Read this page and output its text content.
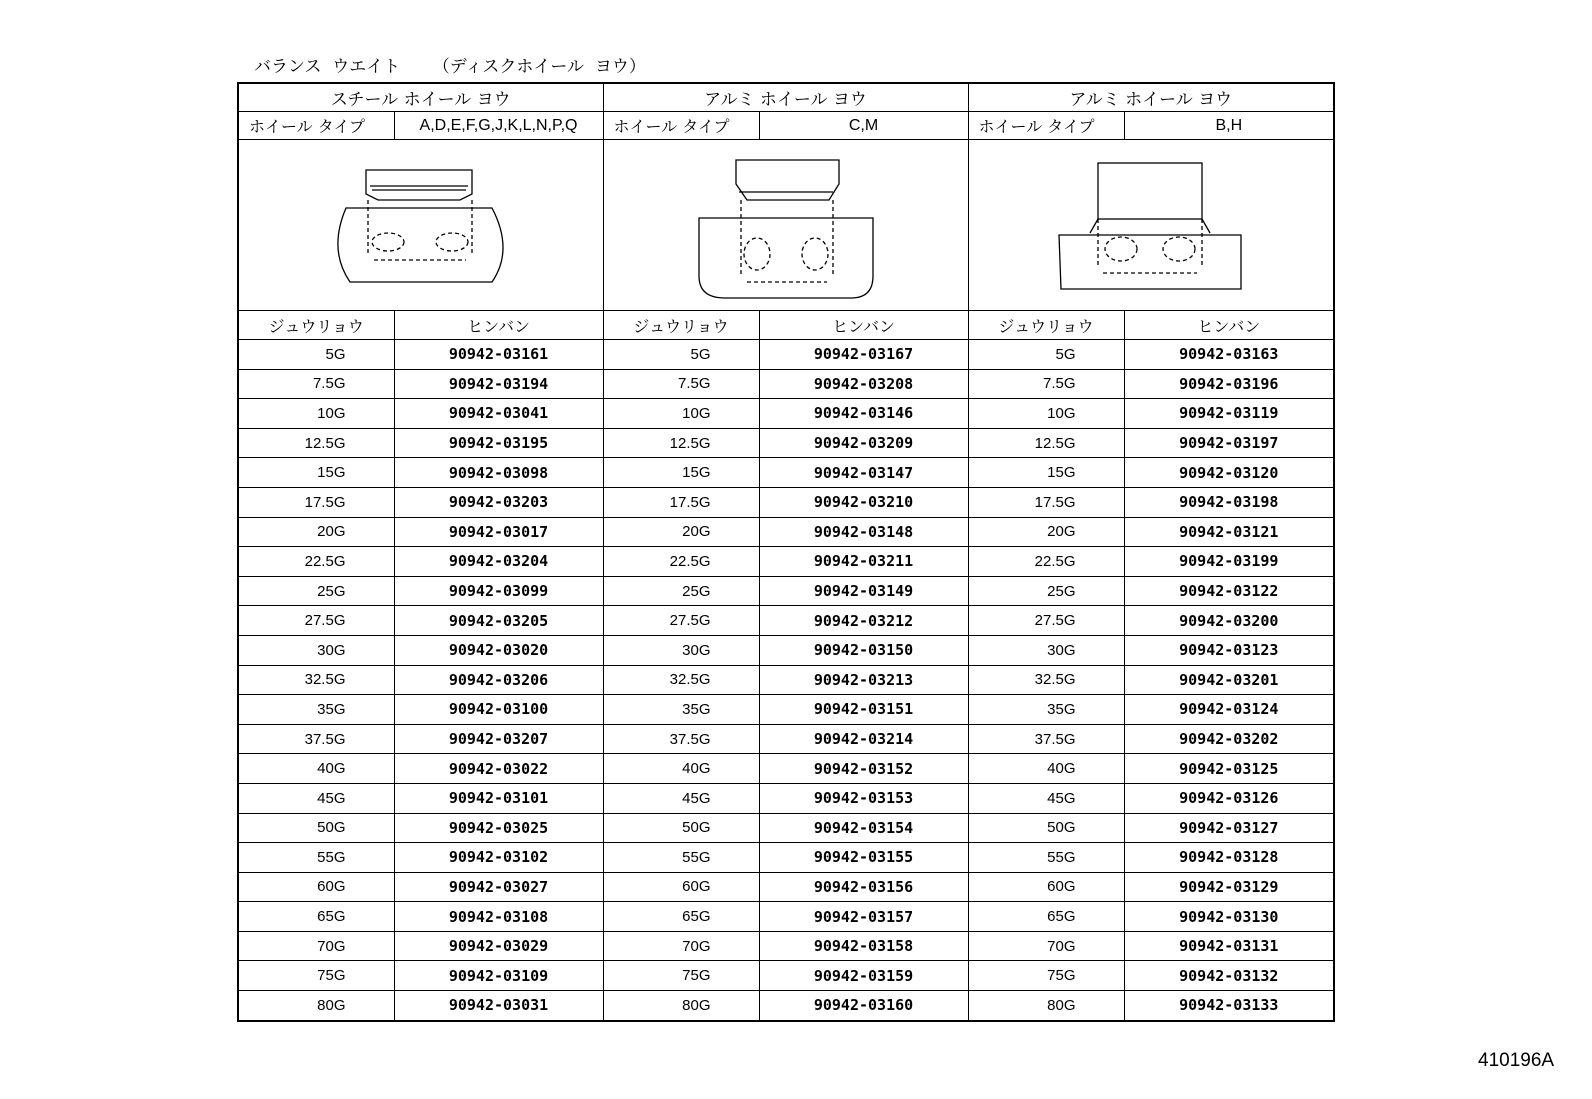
バランス  ウエイト      （ディスクホイール  ヨウ）
スチール ホイール ヨウ		アルミ ホイール ヨウ		アルミ ホイール ヨウ	
ホイール タイプ	A,D,E,F,G,J,K,L,N,P,Q	ホイール タイプ	C,M	ホイール タイプ	B,H

ジュウリョウ	ヒンバン	ジュウリョウ	ヒンバン	ジュウリョウ	ヒンバン
5G	90942-03161	5G	90942-03167	5G	90942-03163
7.5G	90942-03194	7.5G	90942-03208	7.5G	90942-03196
10G	90942-03041	10G	90942-03146	10G	90942-03119
12.5G	90942-03195	12.5G	90942-03209	12.5G	90942-03197
15G	90942-03098	15G	90942-03147	15G	90942-03120
17.5G	90942-03203	17.5G	90942-03210	17.5G	90942-03198
20G	90942-03017	20G	90942-03148	20G	90942-03121
22.5G	90942-03204	22.5G	90942-03211	22.5G	90942-03199
25G	90942-03099	25G	90942-03149	25G	90942-03122
27.5G	90942-03205	27.5G	90942-03212	27.5G	90942-03200
30G	90942-03020	30G	90942-03150	30G	90942-03123
32.5G	90942-03206	32.5G	90942-03213	32.5G	90942-03201
35G	90942-03100	35G	90942-03151	35G	90942-03124
37.5G	90942-03207	37.5G	90942-03214	37.5G	90942-03202
40G	90942-03022	40G	90942-03152	40G	90942-03125
45G	90942-03101	45G	90942-03153	45G	90942-03126
50G	90942-03025	50G	90942-03154	50G	90942-03127
55G	90942-03102	55G	90942-03155	55G	90942-03128
60G	90942-03027	60G	90942-03156	60G	90942-03129
65G	90942-03108	65G	90942-03157	65G	90942-03130
70G	90942-03029	70G	90942-03158	70G	90942-03131
75G	90942-03109	75G	90942-03159	75G	90942-03132
80G	90942-03031	80G	90942-03160	80G	90942-03133
410196A
